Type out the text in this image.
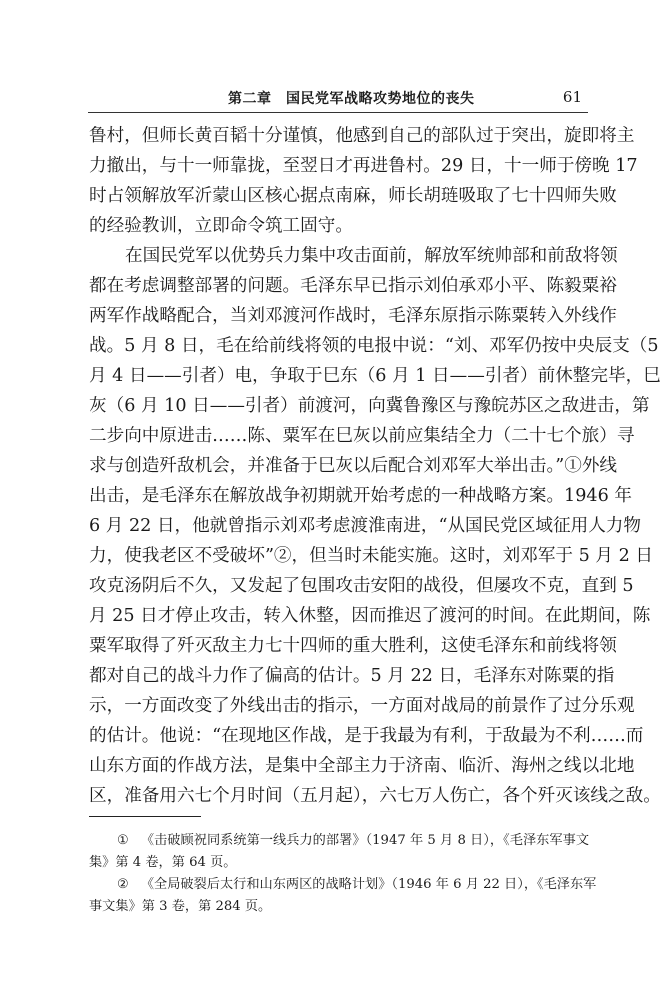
第二章　国民党军战略攻势地位的丧失	61
鲁村，但师长黄百韬十分谨慎，他感到自己的部队过于突出，旋即将主
力撤出，与十一师靠拢，至翌日才再进鲁村。29 日，十一师于傍晚 17
时占领解放军沂蒙山区核心据点南麻，师长胡琏吸取了七十四师失败
的经验教训，立即命令筑工固守。
在国民党军以优势兵力集中攻击面前，解放军统帅部和前敌将领
都在考虑调整部署的问题。毛泽东早已指示刘伯承邓小平、陈毅粟裕
两军作战略配合，当刘邓渡河作战时，毛泽东原指示陈粟转入外线作
战。5 月 8 日，毛在给前线将领的电报中说：“刘、邓军仍按中央辰支（5
月 4 日——引者）电，争取于巳东（6 月 1 日——引者）前休整完毕，巳
灰（6 月 10 日——引者）前渡河，向冀鲁豫区与豫皖苏区之敌进击，第
二步向中原进击……陈、粟军在巳灰以前应集结全力（二十七个旅）寻
求与创造歼敌机会，并准备于巳灰以后配合刘邓军大举出击。”①外线
出击，是毛泽东在解放战争初期就开始考虑的一种战略方案。1946 年
6 月 22 日，他就曾指示刘邓考虑渡淮南进，“从国民党区域征用人力物
力，使我老区不受破坏”②，但当时未能实施。这时，刘邓军于 5 月 2 日
攻克汤阴后不久，又发起了包围攻击安阳的战役，但屡攻不克，直到 5
月 25 日才停止攻击，转入休整，因而推迟了渡河的时间。在此期间，陈
粟军取得了歼灭敌主力七十四师的重大胜利，这使毛泽东和前线将领
都对自己的战斗力作了偏高的估计。5 月 22 日，毛泽东对陈粟的指
示，一方面改变了外线出击的指示，一方面对战局的前景作了过分乐观
的估计。他说：“在现地区作战，是于我最为有利，于敌最为不利……而
山东方面的作战方法，是集中全部主力于济南、临沂、海州之线以北地
区，准备用六七个月时间（五月起），六七万人伤亡，各个歼灭该线之敌。
① 《击破顾祝同系统第一线兵力的部署》（1947 年 5 月 8 日），《毛泽东军事文
集》第 4 卷，第 64 页。
② 《全局破裂后太行和山东两区的战略计划》（1946 年 6 月 22 日），《毛泽东军
事文集》第 3 卷，第 284 页。
